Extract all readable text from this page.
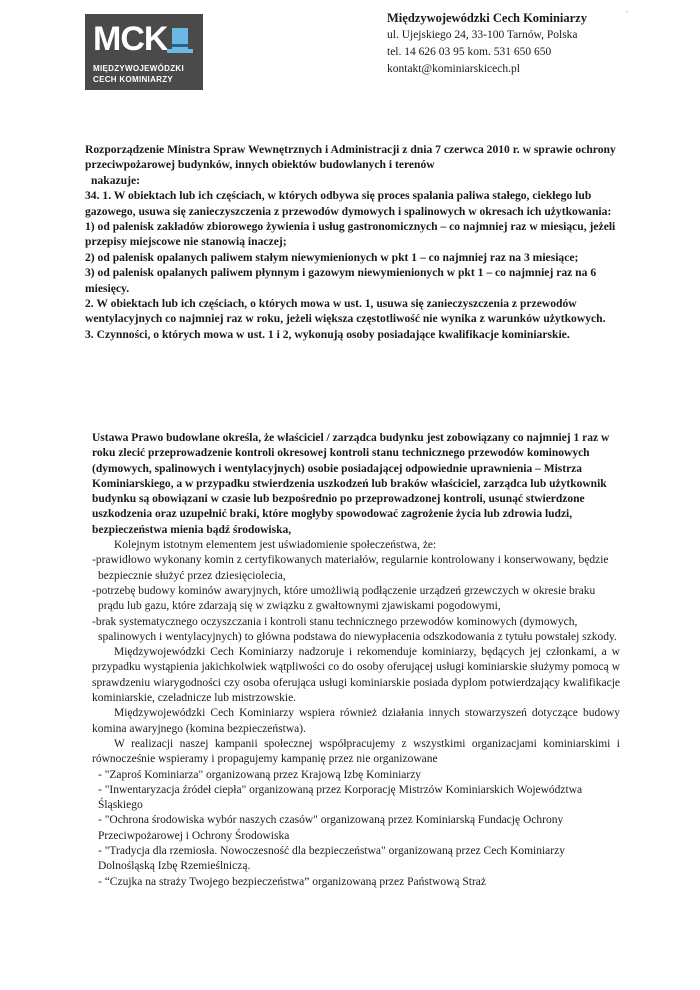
MCK
MIĘDZYWOJEWÓDZKI
CECH KOMINIARZY
Międzywojewódzki Cech Kominiarzy
ul. Ujejskiego 24, 33-100 Tarnów, Polska
tel. 14 626 03 95 kom. 531 650 650
kontakt@kominiarskicech.pl
˚

Rozporządzenie Ministra Spraw Wewnętrznych i Administracji z dnia 7 czerwca 2010 r. w sprawie ochrony przeciwpożarowej budynków, innych obiektów budowlanych i terenów

nakazuje:

34. 1. W obiektach lub ich częściach, w których odbywa się proces spalania paliwa stałego, ciekłego lub gazowego, usuwa się zanieczyszczenia z przewodów dymowych i spalinowych w okresach ich użytkowania:

1) od palenisk zakładów zbiorowego żywienia i usług gastronomicznych – co najmniej raz w miesiącu, jeżeli przepisy miejscowe nie stanowią inaczej;

2) od palenisk opalanych paliwem stałym niewymienionych w pkt 1 – co najmniej raz na 3 miesiące;

3) od palenisk opalanych paliwem płynnym i gazowym niewymienionych w pkt 1 – co najmniej raz na 6 miesięcy.

2. W obiektach lub ich częściach, o których mowa w ust. 1, usuwa się zanieczyszczenia z przewodów wentylacyjnych co najmniej raz w roku, jeżeli większa częstotliwość nie wynika z warunków użytkowych.

3. Czynności, o których mowa w ust. 1 i 2, wykonują osoby posiadające kwalifikacje kominiarskie.

Ustawa Prawo budowlane określa, że właściciel / zarządca budynku jest zobowiązany co najmniej 1 raz w roku zlecić przeprowadzenie kontroli okresowej kontroli stanu technicznego przewodów kominowych (dymowych, spalinowych i wentylacyjnych) osobie posiadającej odpowiednie uprawnienia – Mistrza Kominiarskiego, a w przypadku stwierdzenia uszkodzeń lub braków właściciel, zarządca lub użytkownik budynku są obowiązani w czasie lub bezpośrednio po przeprowadzonej kontroli, usunąć stwierdzone uszkodzenia oraz uzupełnić braki, które mogłyby spowodować zagrożenie życia lub zdrowia ludzi, bezpieczeństwa mienia bądź środowiska,

Kolejnym istotnym elementem jest uświadomienie społeczeństwa, że:

-prawidłowo wykonany komin z certyfikowanych materiałów, regularnie kontrolowany i konserwowany, będzie bezpiecznie służyć przez dziesięciolecia,

-potrzebę budowy kominów awaryjnych, które umożliwią podłączenie urządzeń grzewczych w okresie braku prądu lub gazu, które zdarzają się w związku z gwałtownymi zjawiskami pogodowymi,

-brak systematycznego oczyszczania i kontroli stanu technicznego przewodów kominowych (dymowych, spalinowych i wentylacyjnych) to główna podstawa do niewypłacenia odszkodowania z tytułu powstałej szkody.

Międzywojewódzki Cech Kominiarzy nadzoruje i rekomenduje kominiarzy, będących jej członkami, a w przypadku wystąpienia jakichkolwiek wątpliwości co do osoby oferującej usługi kominiarskie służymy pomocą w sprawdzeniu wiarygodności czy osoba oferująca usługi kominiarskie posiada dyplom potwierdzający kwalifikacje kominiarskie, czeladnicze lub mistrzowskie.

Międzywojewódzki Cech Kominiarzy wspiera również działania innych stowarzyszeń dotyczące budowy komina awaryjnego (komina bezpieczeństwa).

W realizacji naszej kampanii społecznej współpracujemy z wszystkimi organizacjami kominiarskimi i równocześnie wspieramy i propagujemy kampanię przez nie organizowane

- "Zaproś Kominiarza" organizowaną przez Krajową Izbę Kominiarzy

- "Inwentaryzacja źródeł ciepła" organizowaną przez Korporację Mistrzów Kominiarskich Województwa Śląskiego

- "Ochrona środowiska wybór naszych czasów" organizowaną przez Kominiarską Fundację Ochrony Przeciwpożarowej i Ochrony Środowiska

- "Tradycja dla rzemiosła. Nowoczesność dla bezpieczeństwa" organizowaną przez Cech Kominiarzy Dolnośląską Izbę Rzemieślniczą.

- “Czujka na straży Twojego bezpieczeństwa” organizowaną przez Państwową Straż
